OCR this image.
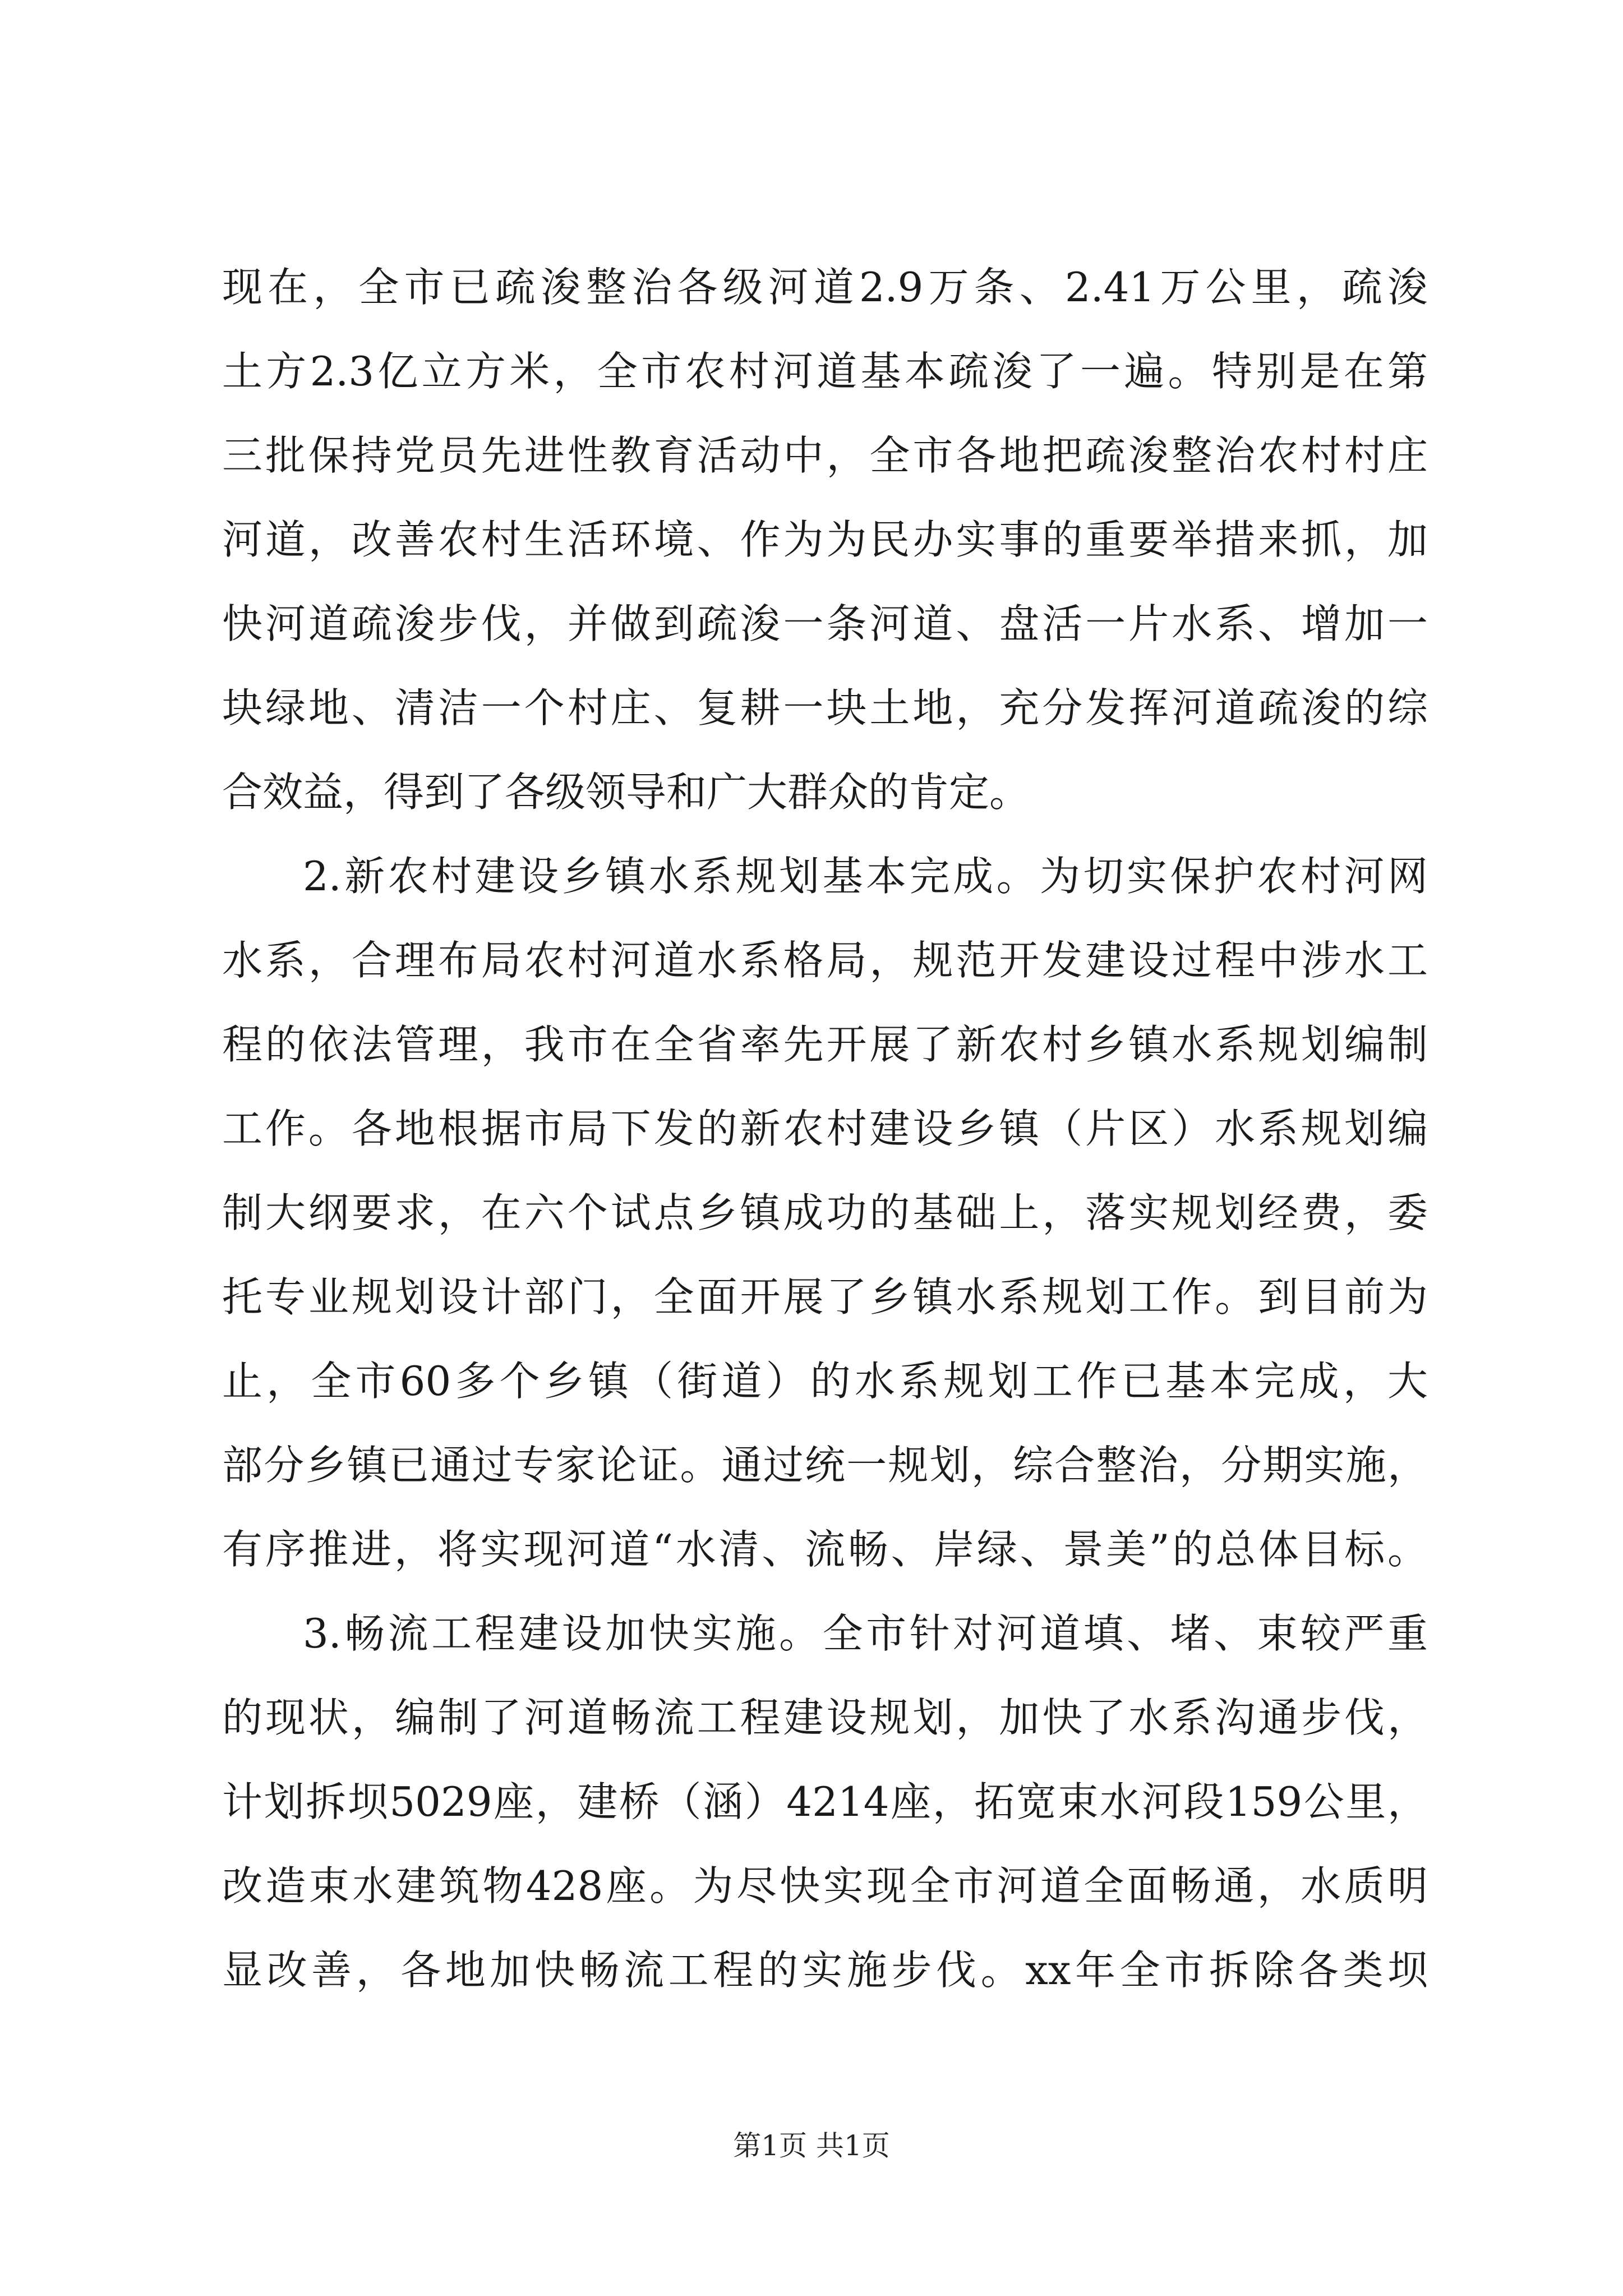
现在，全市已疏浚整治各级河道2.9万条、2.41万公里，疏浚
土方2.3亿立方米，全市农村河道基本疏浚了一遍。特别是在第
三批保持党员先进性教育活动中，全市各地把疏浚整治农村村庄
河道，改善农村生活环境、作为为民办实事的重要举措来抓，加
快河道疏浚步伐，并做到疏浚一条河道、盘活一片水系、增加一
块绿地、清洁一个村庄、复耕一块土地，充分发挥河道疏浚的综
合效益，得到了各级领导和广大群众的肯定。
2.新农村建设乡镇水系规划基本完成。为切实保护农村河网
水系，合理布局农村河道水系格局，规范开发建设过程中涉水工
程的依法管理，我市在全省率先开展了新农村乡镇水系规划编制
工作。各地根据市局下发的新农村建设乡镇（片区）水系规划编
制大纲要求，在六个试点乡镇成功的基础上，落实规划经费，委
托专业规划设计部门，全面开展了乡镇水系规划工作。到目前为
止，全市60多个乡镇（街道）的水系规划工作已基本完成，大
部分乡镇已通过专家论证。通过统一规划，综合整治，分期实施，
有序推进，将实现河道“水清、流畅、岸绿、景美”的总体目标。
3.畅流工程建设加快实施。全市针对河道填、堵、束较严重
的现状，编制了河道畅流工程建设规划，加快了水系沟通步伐，
计划拆坝5029座，建桥（涵）4214座，拓宽束水河段159公里，
改造束水建筑物428座。为尽快实现全市河道全面畅通，水质明
显改善，各地加快畅流工程的实施步伐。xx年全市拆除各类坝
第1页 共1页
